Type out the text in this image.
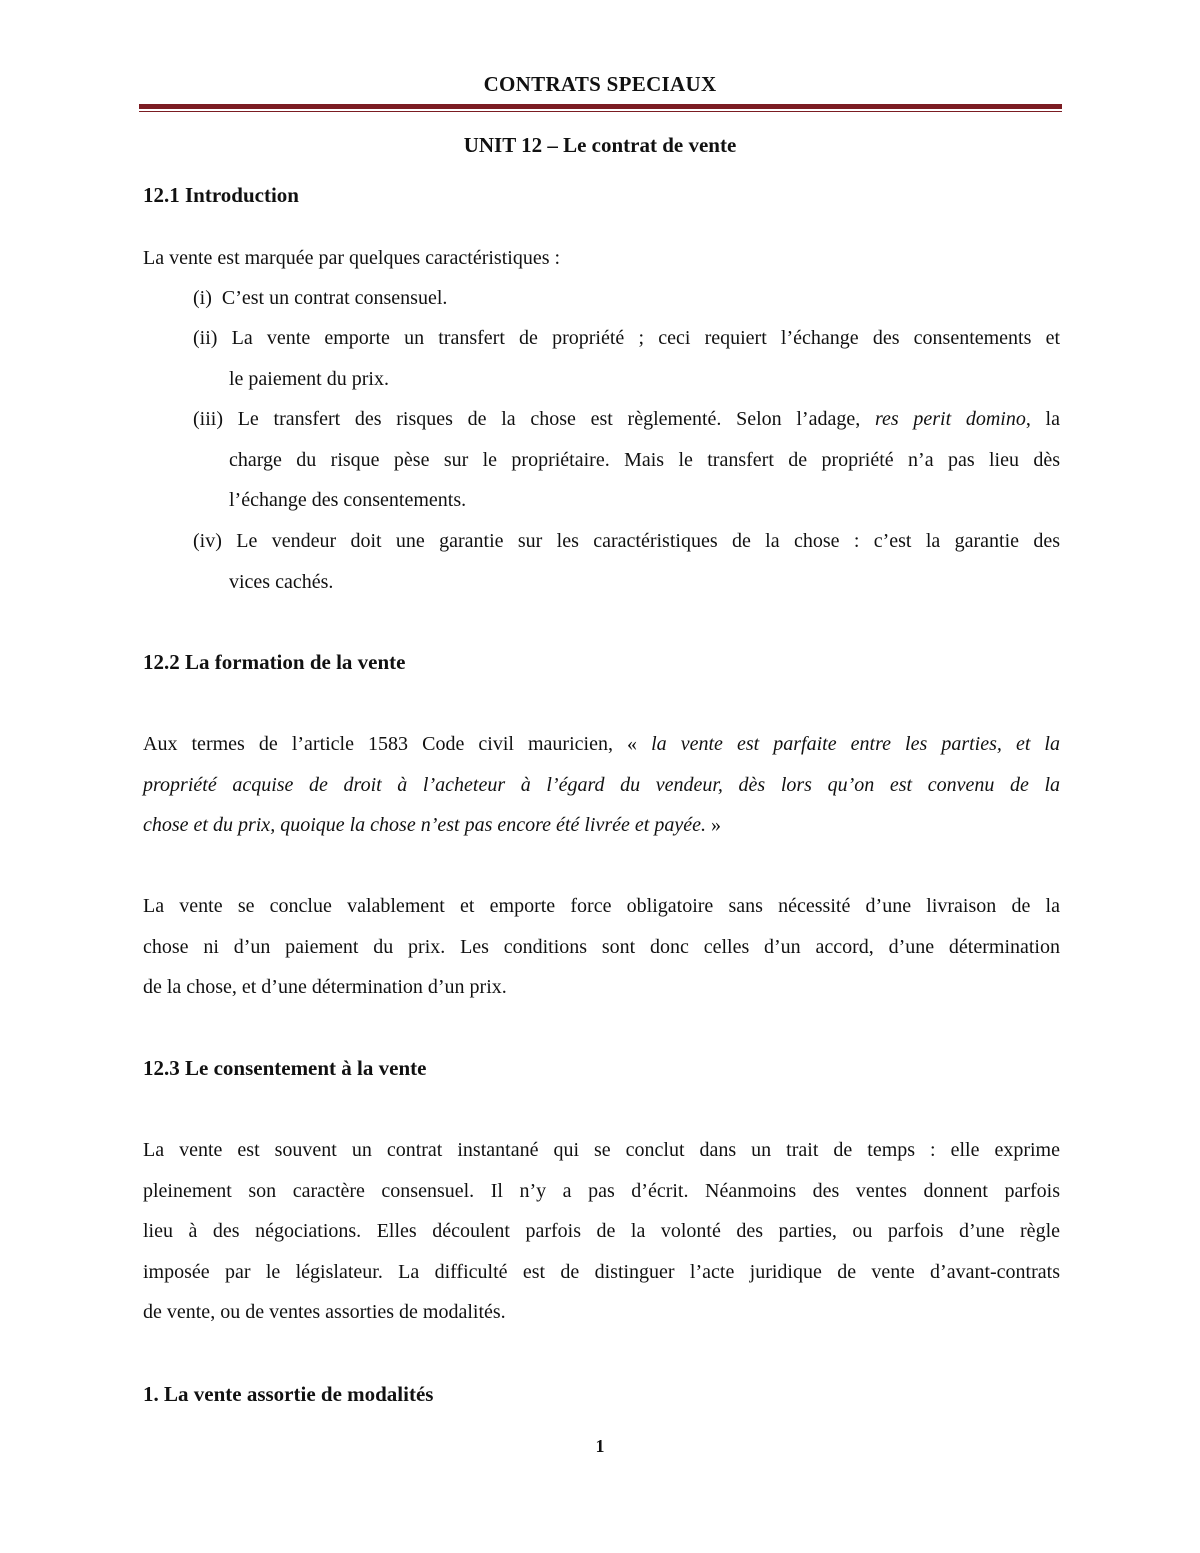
CONTRATS SPECIAUX
UNIT 12 – Le contrat de vente
12.1 Introduction
La vente est marquée par quelques caractéristiques :
(i) C’est un contrat consensuel.
(ii) La vente emporte un transfert de propriété ; ceci requiert l’échange des consentements et
le paiement du prix.
(iii) Le transfert des risques de la chose est règlementé. Selon l’adage, res perit domino, la
charge du risque pèse sur le propriétaire. Mais le transfert de propriété n’a pas lieu dès
l’échange des consentements.
(iv) Le vendeur doit une garantie sur les caractéristiques de la chose : c’est la garantie des
vices cachés.
12.2 La formation de la vente
Aux termes de l’article 1583 Code civil mauricien, « la vente est parfaite entre les parties, et la
propriété acquise de droit à l’acheteur à l’égard du vendeur, dès lors qu’on est convenu de la
chose et du prix, quoique la chose n’est pas encore été livrée et payée. »
La vente se conclue valablement et emporte force obligatoire sans nécessité d’une livraison de la
chose ni d’un paiement du prix. Les conditions sont donc celles d’un accord, d’une détermination
de la chose, et d’une détermination d’un prix.
12.3 Le consentement à la vente
La vente est souvent un contrat instantané qui se conclut dans un trait de temps : elle exprime
pleinement son caractère consensuel. Il n’y a pas d’écrit. Néanmoins des ventes donnent parfois
lieu à des négociations. Elles découlent parfois de la volonté des parties, ou parfois d’une règle
imposée par le législateur. La difficulté est de distinguer l’acte juridique de vente d’avant-contrats
de vente, ou de ventes assorties de modalités.
1. La vente assortie de modalités
1
